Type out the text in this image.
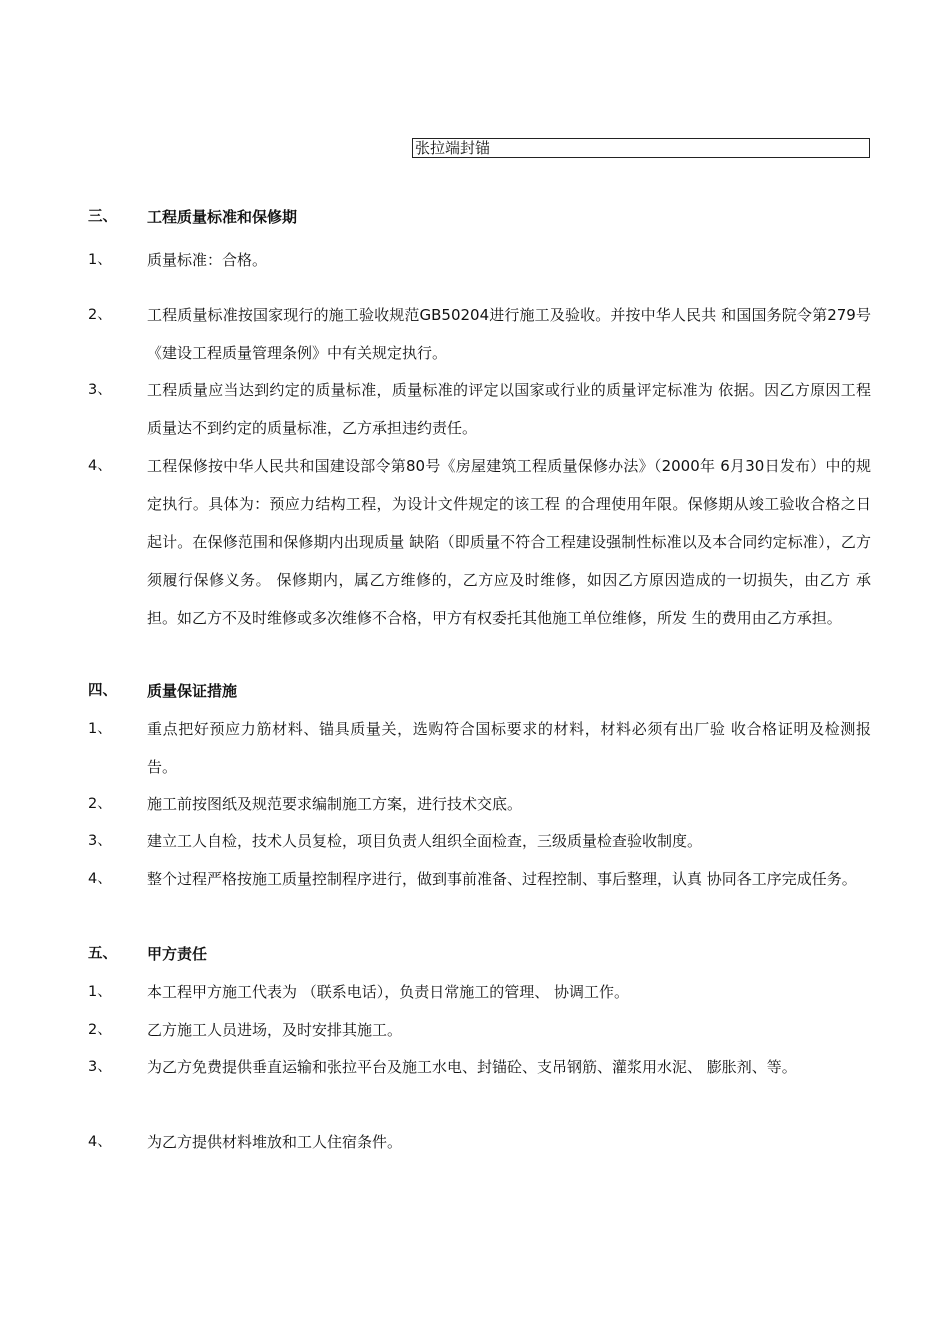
张拉端封锚
三、 工程质量标准和保修期
1、 质量标准：合格。
2、 工程质量标准按国家现行的施工验收规范GB50204进行施工及验收。并按中华人民共 和国国务院令第279号《建设工程质量管理条例》中有关规定执行。
3、 工程质量应当达到约定的质量标准，质量标准的评定以国家或行业的质量评定标准为 依据。因乙方原因工程质量达不到约定的质量标准，乙方承担违约责任。
4、 工程保修按中华人民共和国建设部令第80号《房屋建筑工程质量保修办法》（2000年 6月30日发布）中的规定执行。具体为：预应力结构工程，为设计文件规定的该工程 的合理使用年限。保修期从竣工验收合格之日起计。在保修范围和保修期内出现质量 缺陷（即质量不符合工程建设强制性标准以及本合同约定标准），乙方须履行保修义务。 保修期内，属乙方维修的，乙方应及时维修，如因乙方原因造成的一切损失，由乙方 承担。如乙方不及时维修或多次维修不合格，甲方有权委托其他施工单位维修，所发 生的费用由乙方承担。
四、 质量保证措施
1、 重点把好预应力筋材料、锚具质量关，选购符合国标要求的材料，材料必须有出厂验 收合格证明及检测报告。
2、 施工前按图纸及规范要求编制施工方案，进行技术交底。
3、 建立工人自检，技术人员复检，项目负责人组织全面检查，三级质量检查验收制度。
4、 整个过程严格按施工质量控制程序进行，做到事前准备、过程控制、事后整理，认真 协同各工序完成任务。
五、 甲方责任
1、 本工程甲方施工代表为 （联系电话），负责日常施工的管理、 协调工作。
2、 乙方施工人员进场，及时安排其施工。
3、 为乙方免费提供垂直运输和张拉平台及施工水电、封锚砼、支吊钢筋、灌浆用水泥、 膨胀剂、等。
4、 为乙方提供材料堆放和工人住宿条件。
